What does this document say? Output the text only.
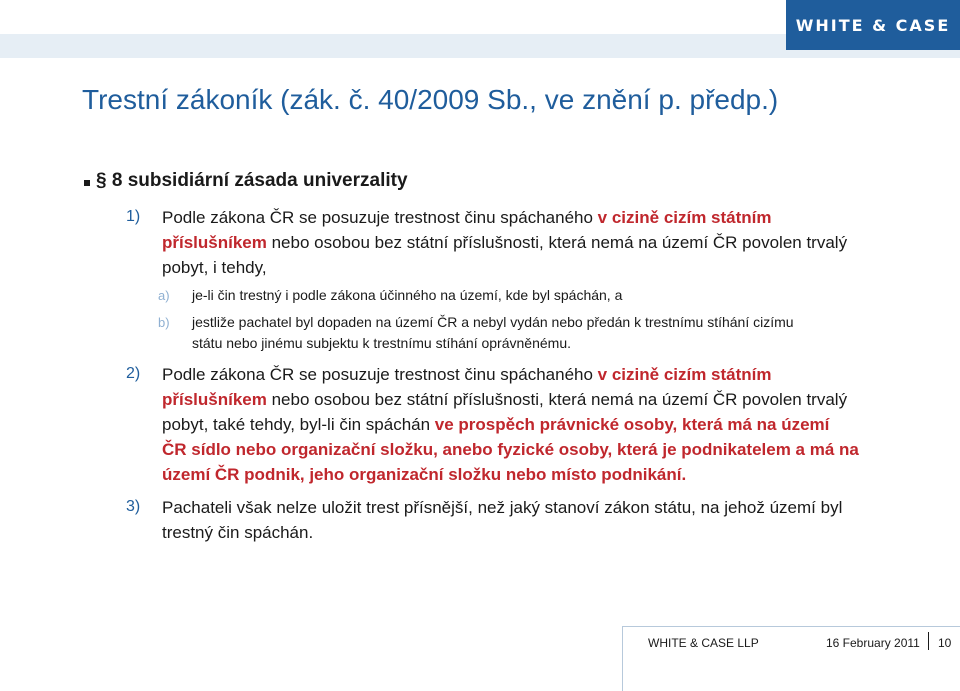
WHITE & CASE
Trestní zákoník (zák. č. 40/2009 Sb., ve znění p. předp.)
§ 8 subsidiární zásada univerzality
1) Podle zákona ČR se posuzuje trestnost činu spáchaného v cizině cizím státním
příslušníkem nebo osobou bez státní příslušnosti, která nemá na území ČR povolen trvalý
pobyt, i tehdy,
a) je-li čin trestný i podle zákona účinného na území, kde byl spáchán, a
b) jestliže pachatel byl dopaden na území ČR a nebyl vydán nebo předán k trestnímu stíhání cizímu
státu nebo jinému subjektu k trestnímu stíhání oprávněnému.
2) Podle zákona ČR se posuzuje trestnost činu spáchaného v cizině cizím státním
příslušníkem nebo osobou bez státní příslušnosti, která nemá na území ČR povolen trvalý
pobyt, také tehdy, byl-li čin spáchán ve prospěch právnické osoby, která má na území
ČR sídlo nebo organizační složku, anebo fyzické osoby, která je podnikatelem a má na
území ČR podnik, jeho organizační složku nebo místo podnikání.
3) Pachateli však nelze uložit trest přísnější, než jaký stanoví zákon státu, na jehož území byl
trestný čin spáchán.
WHITE & CASE LLP	16 February 2011 10
